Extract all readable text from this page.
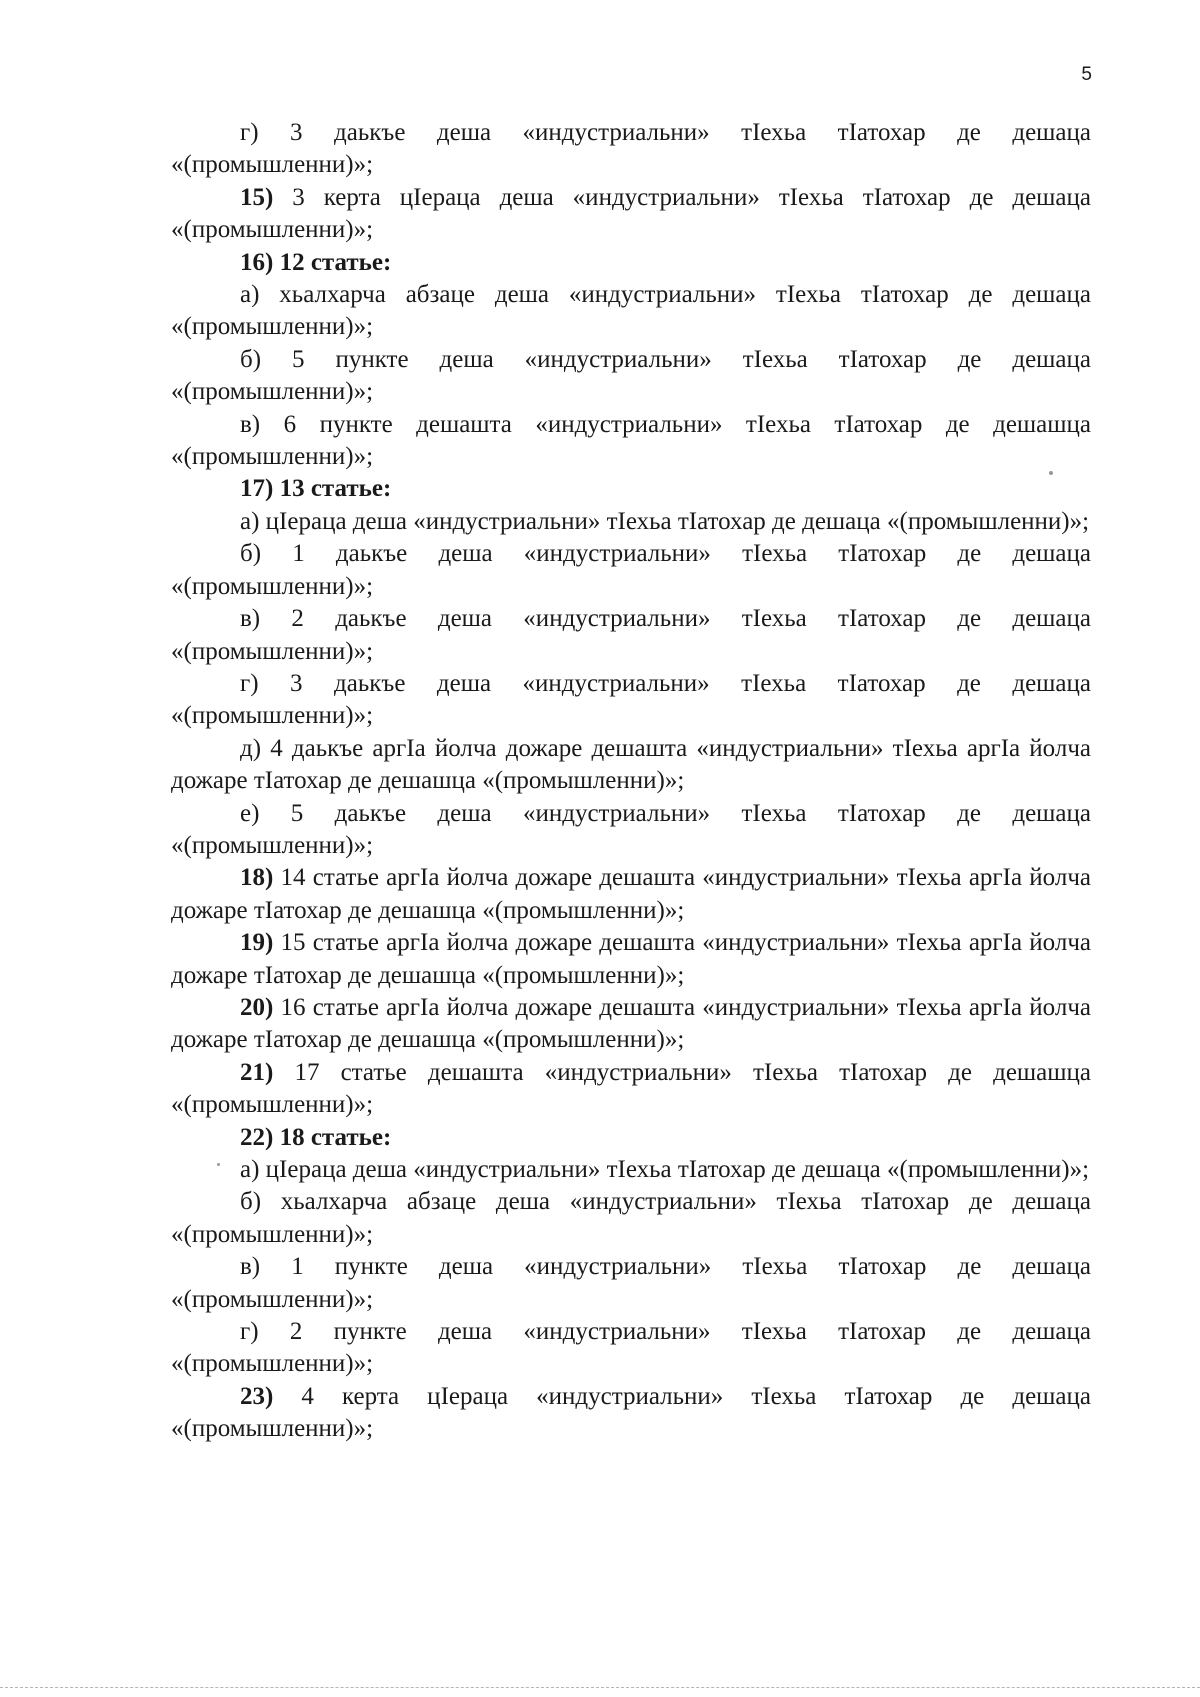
5

г) 3 даькъе деша «индустриальни» тIехьа тIатохар де дешаца «(промышленни)»;

15) 3 керта цIераца деша «индустриальни» тIехьа тIатохар де дешаца «(промышленни)»;

16) 12 статье:

а) хьалхарча абзаце деша «индустриальни» тIехьа тIатохар де дешаца «(промышленни)»;

б) 5 пункте деша «индустриальни» тIехьа тIатохар де дешаца «(промышленни)»;

в) 6 пункте дешашта «индустриальни» тIехьа тIатохар де дешашца «(промышленни)»;

17) 13 статье:

а) цIераца деша «индустриальни» тIехьа тIатохар де дешаца «(промышленни)»;

б) 1 даькъе деша «индустриальни» тIехьа тIатохар де дешаца «(промышленни)»;

в) 2 даькъе деша «индустриальни» тIехьа тIатохар де дешаца «(промышленни)»;

г) 3 даькъе деша «индустриальни» тIехьа тIатохар де дешаца «(промышленни)»;

д) 4 даькъе аргIа йолча дожаре дешашта «индустриальни» тIехьа аргIа йолча дожаре тIатохар де дешашца «(промышленни)»;

е) 5 даькъе деша «индустриальни» тIехьа тIатохар де дешаца «(промышленни)»;

18) 14 статье аргIа йолча дожаре дешашта «индустриальни» тIехьа аргIа йолча дожаре тIатохар де дешашца «(промышленни)»;

19) 15 статье аргIа йолча дожаре дешашта «индустриальни» тIехьа аргIа йолча дожаре тIатохар де дешашца «(промышленни)»;

20) 16 статье аргIа йолча дожаре дешашта «индустриальни» тIехьа аргIа йолча дожаре тIатохар де дешашца «(промышленни)»;

21) 17 статье дешашта «индустриальни» тIехьа тIатохар де дешашца «(промышленни)»;

22) 18 статье:

а) цIераца деша «индустриальни» тIехьа тIатохар де дешаца «(промышленни)»;

б) хьалхарча абзаце деша «индустриальни» тIехьа тIатохар де дешаца «(промышленни)»;

в) 1 пункте деша «индустриальни» тIехьа тIатохар де дешаца «(промышленни)»;

г) 2 пункте деша «индустриальни» тIехьа тIатохар де дешаца «(промышленни)»;

23) 4 керта цIераца «индустриальни» тIехьа тIатохар де дешаца «(промышленни)»;
